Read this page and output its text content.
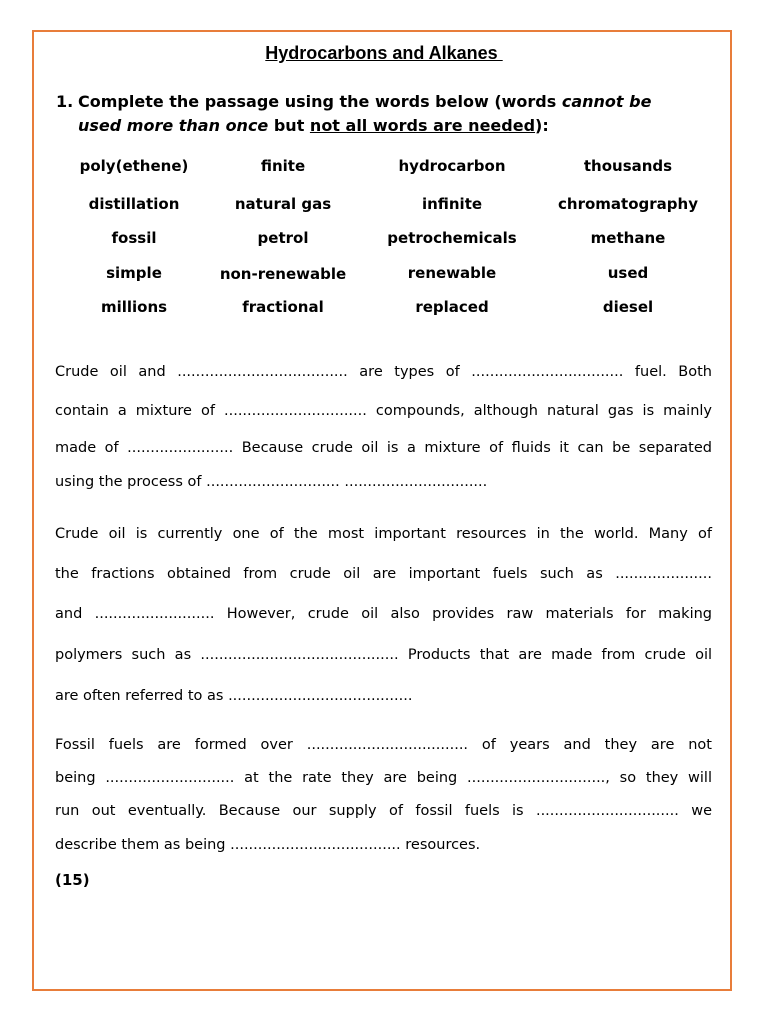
Hydrocarbons and Alkanes
1. Complete the passage using the words below (words cannot be used more than once but not all words are needed):
poly(ethene)	finite	hydrocarbon	thousands
distillation	natural gas	infinite	chromatography
fossil	petrol	petrochemicals	methane
simple	non-renewable	renewable	used
millions	fractional	replaced	diesel
Crude oil and ..................................... are types of ................................. fuel. Both
contain a mixture of ............................... compounds, although natural gas is mainly
made of ....................... Because crude oil is a mixture of fluids it can be separated
using the process of ............................. ...............................
Crude oil is currently one of the most important resources in the world. Many of
the fractions obtained from crude oil are important fuels such as .....................
and .......................... However, crude oil also provides raw materials for making
polymers such as ........................................... Products that are made from crude oil
are often referred to as ........................................
Fossil fuels are formed over ................................... of years and they are not
being ............................ at the rate they are being .............................., so they will
run out eventually. Because our supply of fossil fuels is ............................... we
describe them as being ..................................... resources.
(15)
